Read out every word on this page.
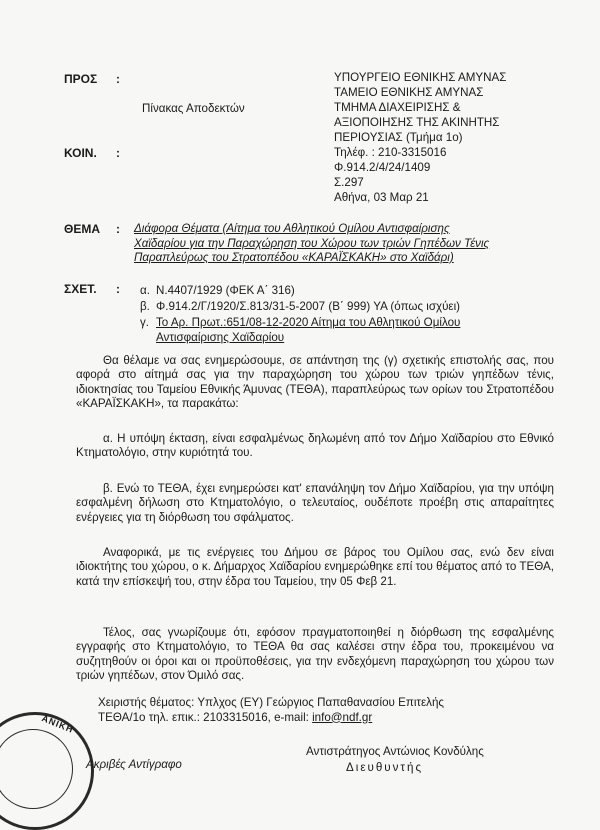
ΠΡΟΣ :
Πίνακας Αποδεκτών
ΚΟΙΝ. :
ΥΠΟΥΡΓΕΙΟ ΕΘΝΙΚΗΣ ΑΜΥΝΑΣ
ΤΑΜΕΙΟ ΕΘΝΙΚΗΣ ΑΜΥΝΑΣ
ΤΜΗΜΑ ΔΙΑΧΕΙΡΙΣΗΣ &
ΑΞΙΟΠΟΙΗΣΗΣ ΤΗΣ ΑΚΙΝΗΤΗΣ
ΠΕΡΙΟΥΣΙΑΣ (Τμήμα 1ο)
Τηλέφ. : 210-3315016
Φ.914.2/4/24/1409
Σ.297
Αθήνα, 03 Μαρ 21
ΘΕΜΑ : Διάφορα Θέματα (Αίτημα του Αθλητικού Ομίλου Αντισφαίρισης
Χαϊδαρίου για την Παραχώρηση του Χώρου των τριών Γηπέδων Τένις
Παραπλεύρως του Στρατοπέδου «ΚΑΡΑΪΣΚΑΚΗ» στο Χαϊδάρι)
ΣΧΕΤ. : α. Ν.4407/1929 (ΦΕΚ Α΄ 316)
β. Φ.914.2/Γ/1920/Σ.813/31-5-2007 (Β΄ 999) ΥΑ (όπως ισχύει)
γ. Το Αρ. Πρωτ.:651/08-12-2020 Αίτημα του Αθλητικού Ομίλου
Αντισφαίρισης Χαϊδαρίου
Θα θέλαμε να σας ενημερώσουμε, σε απάντηση της (γ) σχετικής επιστολής σας, που αφορά στο αίτημά σας για την παραχώρηση του χώρου των τριών γηπέδων τένις, ιδιοκτησίας του Ταμείου Εθνικής Άμυνας (ΤΕΘΑ), παραπλεύρως των ορίων του Στρατοπέδου «ΚΑΡΑΪΣΚΑΚΗ», τα παρακάτω:
α. Η υπόψη έκταση, είναι εσφαλμένως δηλωμένη από τον Δήμο Χαϊδαρίου στο Εθνικό Κτηματολόγιο, στην κυριότητά του.
β. Ενώ το ΤΕΘΑ, έχει ενημερώσει κατ' επανάληψη τον Δήμο Χαϊδαρίου, για την υπόψη εσφαλμένη δήλωση στο Κτηματολόγιο, ο τελευταίος, ουδέποτε προέβη στις απαραίτητες ενέργειες για τη διόρθωση του σφάλματος.
Αναφορικά, με τις ενέργειες του Δήμου σε βάρος του Ομίλου σας, ενώ δεν είναι ιδιοκτήτης του χώρου, ο κ. Δήμαρχος Χαϊδαρίου ενημερώθηκε επί του θέματος από το ΤΕΘΑ, κατά την επίσκεψή του, στην έδρα του Ταμείου, την 05 Φεβ 21.
Τέλος, σας γνωρίζουμε ότι, εφόσον πραγματοποιηθεί η διόρθωση της εσφαλμένης εγγραφής στο Κτηματολόγιο, το ΤΕΘΑ θα σας καλέσει στην έδρα του, προκειμένου να συζητηθούν οι όροι και οι προϋποθέσεις, για την ενδεχόμενη παραχώρηση του χώρου των τριών γηπέδων, στον Όμιλό σας.
Χειριστής θέματος: Υπλχος (ΕΥ) Γεώργιος Παπαθανασίου Επιτελής
ΤΕΘΑ/1ο τηλ. επικ.: 2103315016, e-mail: info@ndf.gr
Αντιστράτηγος Αντώνιος Κονδύλης
Διευθυντής
ΑΝΙΚΗ
Ακριβές Αντίγραφο
